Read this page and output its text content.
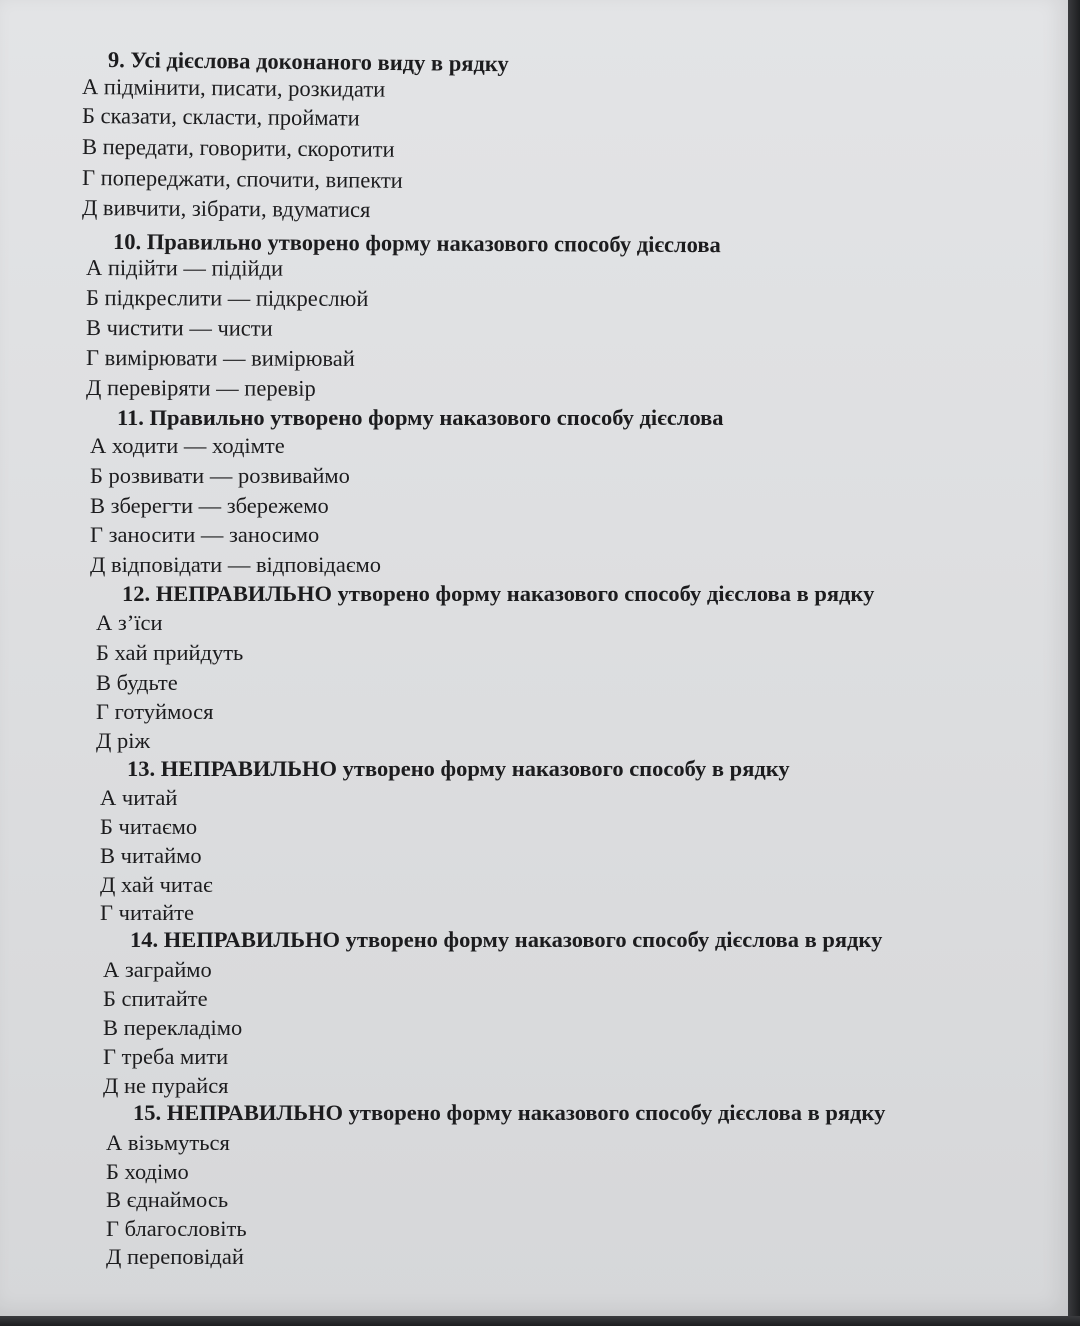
9. Усі дієслова доконаного виду в рядку
А підмінити, писати, розкидати
Б сказати, скласти, проймати
В передати, говорити, скоротити
Г попереджати, спочити, випекти
Д вивчити, зібрати, вдуматися
10. Правильно утворено форму наказового способу дієслова
А підійти — підійди
Б підкреслити — підкреслюй
В чистити — чисти
Г вимірювати — вимірювай
Д перевіряти — перевір
11. Правильно утворено форму наказового способу дієслова
А ходити — ходімте
Б розвивати — розвиваймо
В зберегти — збережемо
Г заносити — заносимо
Д відповідати — відповідаємо
12. НЕПРАВИЛЬНО утворено форму наказового способу дієслова в рядку
А з’їси
Б хай прийдуть
В будьте
Г готуймося
Д ріж
13. НЕПРАВИЛЬНО утворено форму наказового способу в рядку
А читай
Б читаємо
В читаймо
Д хай читає
Г читайте
14. НЕПРАВИЛЬНО утворено форму наказового способу дієслова в рядку
А заграймо
Б спитайте
В перекладімо
Г треба мити
Д не пурайся
15. НЕПРАВИЛЬНО утворено форму наказового способу дієслова в рядку
А візьмуться
Б ходімо
В єднаймось
Г благословіть
Д переповідай
